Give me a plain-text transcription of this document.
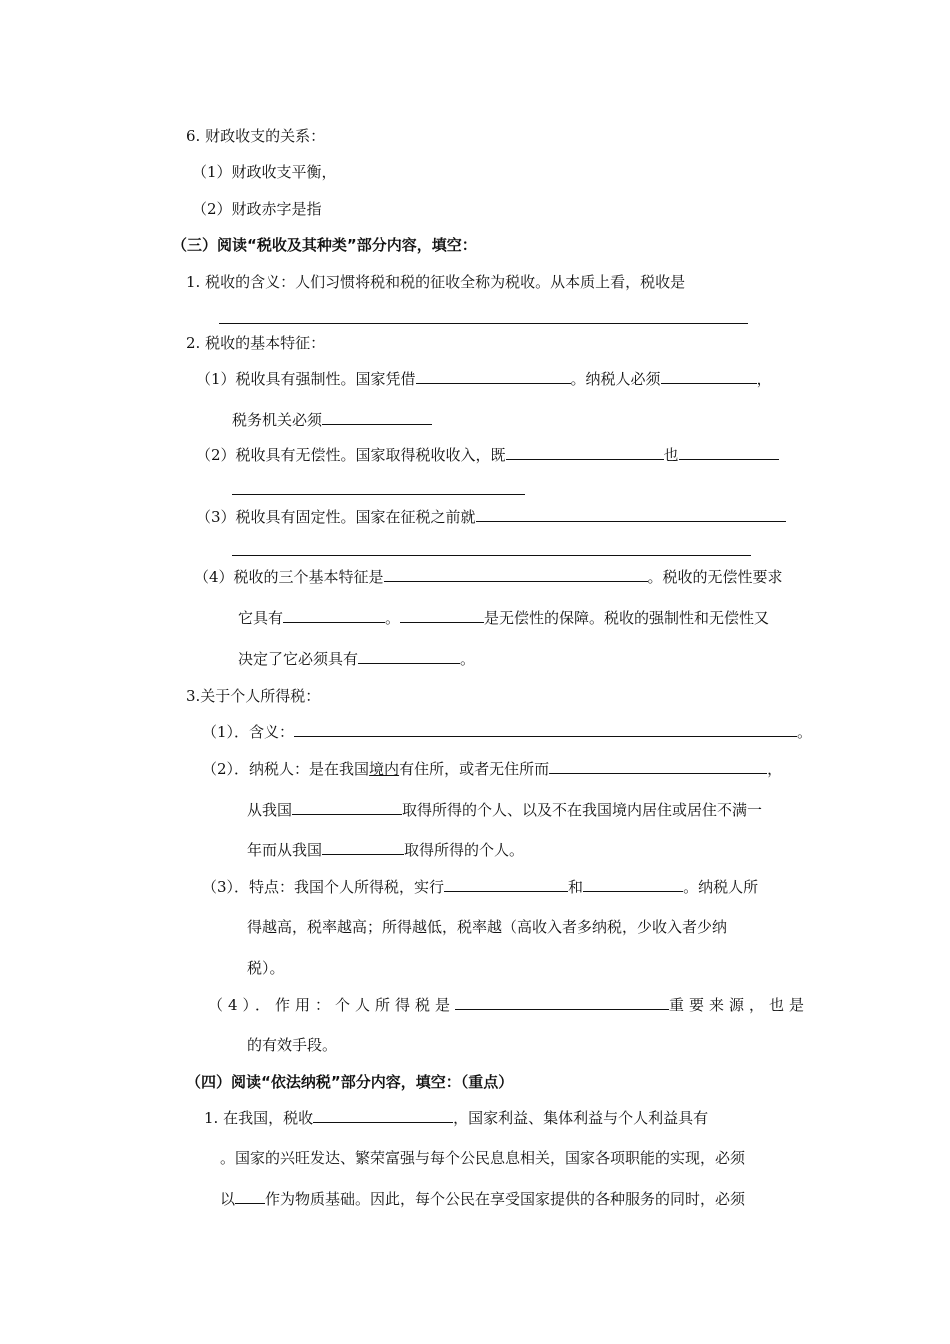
6. 财政收支的关系：
（1）财政收支平衡，
（2）财政赤字是指
（三）阅读“税收及其种类”部分内容，填空：
1. 税收的含义：人们习惯将税和税的征收全称为税收。从本质上看，税收是
2. 税收的基本特征：
（1）税收具有强制性。国家凭借	。纳税人必须	，
税务机关必须
（2）税收具有无偿性。国家取得税收收入，既	也
（3）税收具有固定性。国家在征税之前就
（4）税收的三个基本特征是	。税收的无偿性要求
它具有	。	是无偿性的保障。税收的强制性和无偿性又
决定了它必须具有	。
3.关于个人所得税：
（1）．含义：	。
（2）．纳税人：是在我国境内有住所，或者无住所而	，
从我国	取得所得的个人、以及不在我国境内居住或居住不满一
年而从我国	取得所得的个人。
（3）．特点：我国个人所得税，实行	和	。纳税人所
得越高，税率越高；所得越低，税率越（高收入者多纳税，少收入者少纳
税）。
（4）．作用：个人所得税是	重要来源，也是
的有效手段。
（四）阅读“依法纳税”部分内容，填空：（重点）
1. 在我国，税收	，国家利益、集体利益与个人利益具有
。国家的兴旺发达、繁荣富强与每个公民息息相关，国家各项职能的实现，必须
以 作为物质基础。因此，每个公民在享受国家提供的各种服务的同时，必须
